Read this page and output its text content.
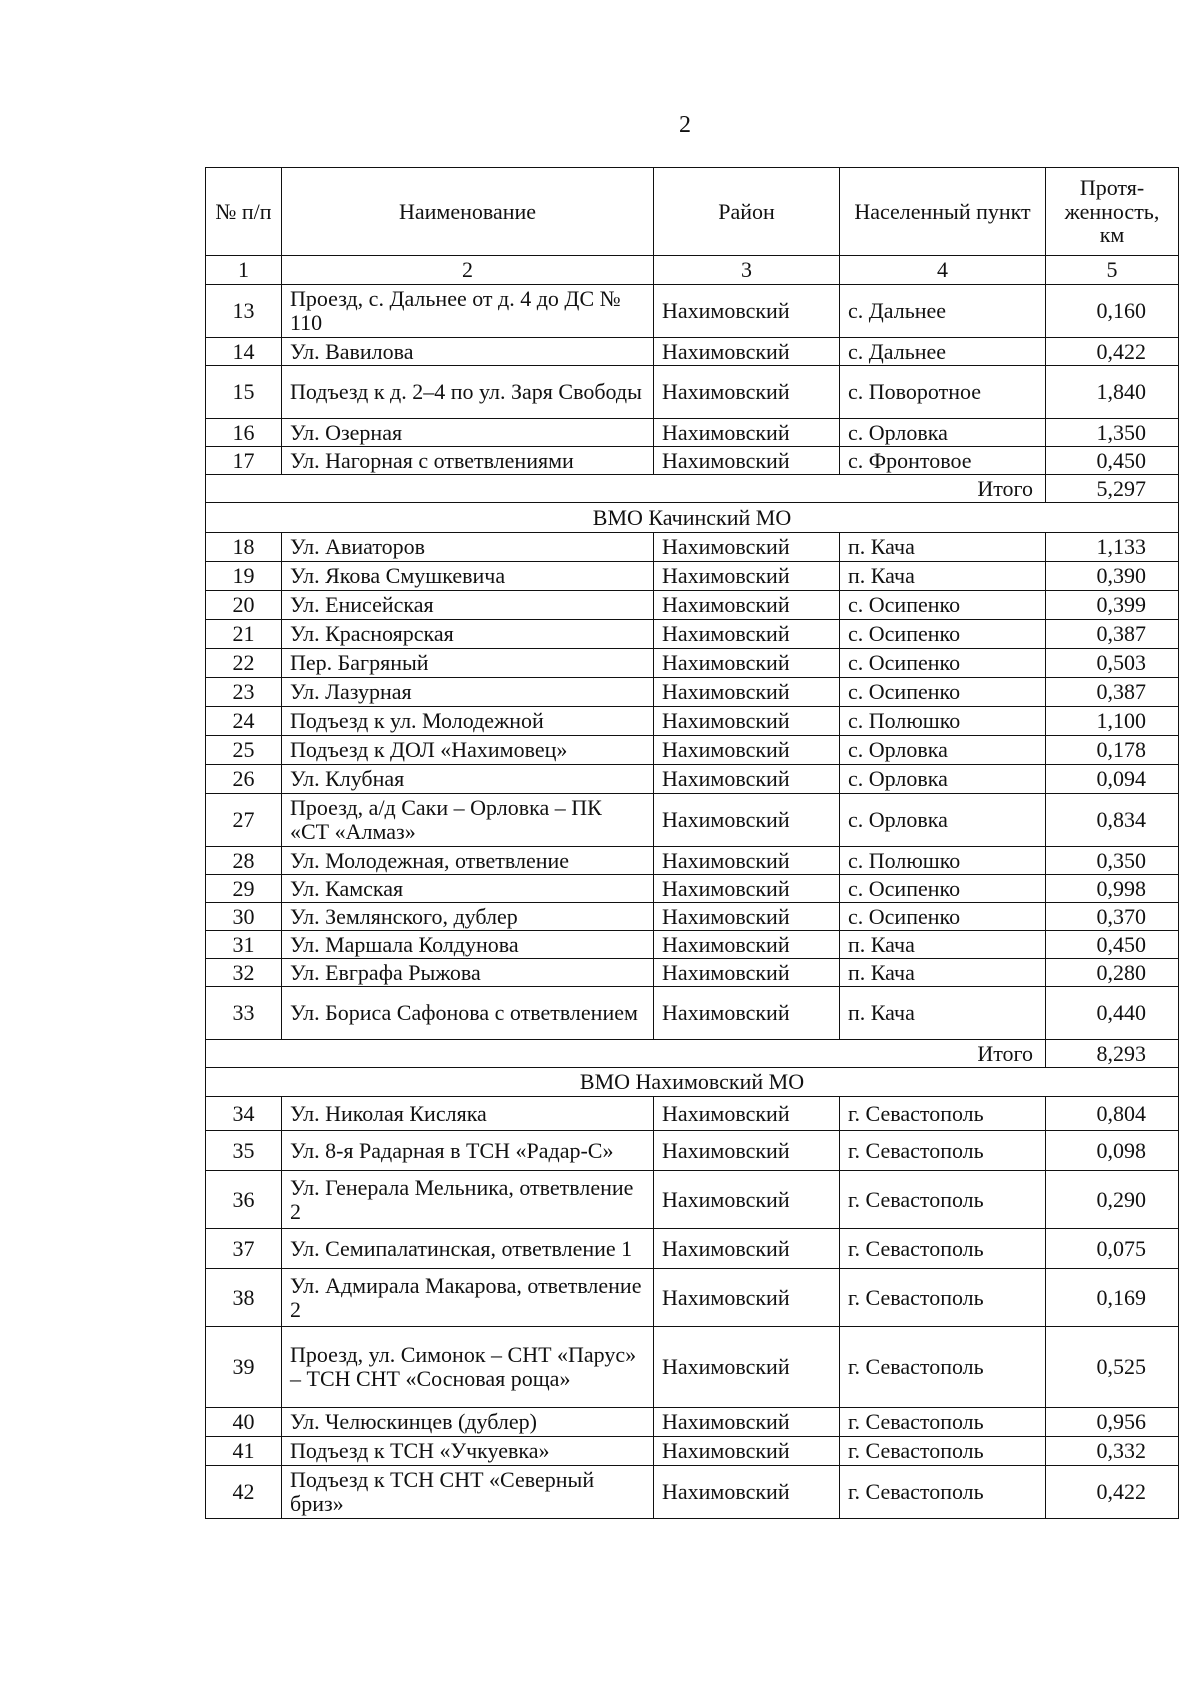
2
№ п/п	Наименование	Район	Населенный пункт	Протя-женность, км
1	2	3	4	5
13	Проезд, с. Дальнее от д. 4 до ДС № 110	Нахимовский	с. Дальнее	0,160
14	Ул. Вавилова	Нахимовский	с. Дальнее	0,422
15	Подъезд к д. 2–4 по ул. Заря Свободы	Нахимовский	с. Поворотное	1,840
16	Ул. Озерная	Нахимовский	с. Орловка	1,350
17	Ул. Нагорная с ответвлениями	Нахимовский	с. Фронтовое	0,450
Итого				5,297
ВМО Качинский МО				
18	Ул. Авиаторов	Нахимовский	п. Кача	1,133
19	Ул. Якова Смушкевича	Нахимовский	п. Кача	0,390
20	Ул. Енисейская	Нахимовский	с. Осипенко	0,399
21	Ул. Красноярская	Нахимовский	с. Осипенко	0,387
22	Пер. Багряный	Нахимовский	с. Осипенко	0,503
23	Ул. Лазурная	Нахимовский	с. Осипенко	0,387
24	Подъезд к ул. Молодежной	Нахимовский	с. Полюшко	1,100
25	Подъезд к ДОЛ «Нахимовец»	Нахимовский	с. Орловка	0,178
26	Ул. Клубная	Нахимовский	с. Орловка	0,094
27	Проезд, а/д Саки – Орловка – ПК «СТ «Алмаз»	Нахимовский	с. Орловка	0,834
28	Ул. Молодежная, ответвление	Нахимовский	с. Полюшко	0,350
29	Ул. Камская	Нахимовский	с. Осипенко	0,998
30	Ул. Землянского, дублер	Нахимовский	с. Осипенко	0,370
31	Ул. Маршала Колдунова	Нахимовский	п. Кача	0,450
32	Ул. Евграфа Рыжова	Нахимовский	п. Кача	0,280
33	Ул. Бориса Сафонова с ответвлением	Нахимовский	п. Кача	0,440
Итого				8,293
ВМО Нахимовский МО				
34	Ул. Николая Кисляка	Нахимовский	г. Севастополь	0,804
35	Ул. 8-я Радарная в ТСН «Радар-С»	Нахимовский	г. Севастополь	0,098
36	Ул. Генерала Мельника, ответвление 2	Нахимовский	г. Севастополь	0,290
37	Ул. Семипалатинская, ответвление 1	Нахимовский	г. Севастополь	0,075
38	Ул. Адмирала Макарова, ответвление 2	Нахимовский	г. Севастополь	0,169
39	Проезд, ул. Симонок – СНТ «Парус» – ТСН СНТ «Сосновая роща»	Нахимовский	г. Севастополь	0,525
40	Ул. Челюскинцев (дублер)	Нахимовский	г. Севастополь	0,956
41	Подъезд к ТСН «Учкуевка»	Нахимовский	г. Севастополь	0,332
42	Подъезд к ТСН СНТ «Северный бриз»	Нахимовский	г. Севастополь	0,422
